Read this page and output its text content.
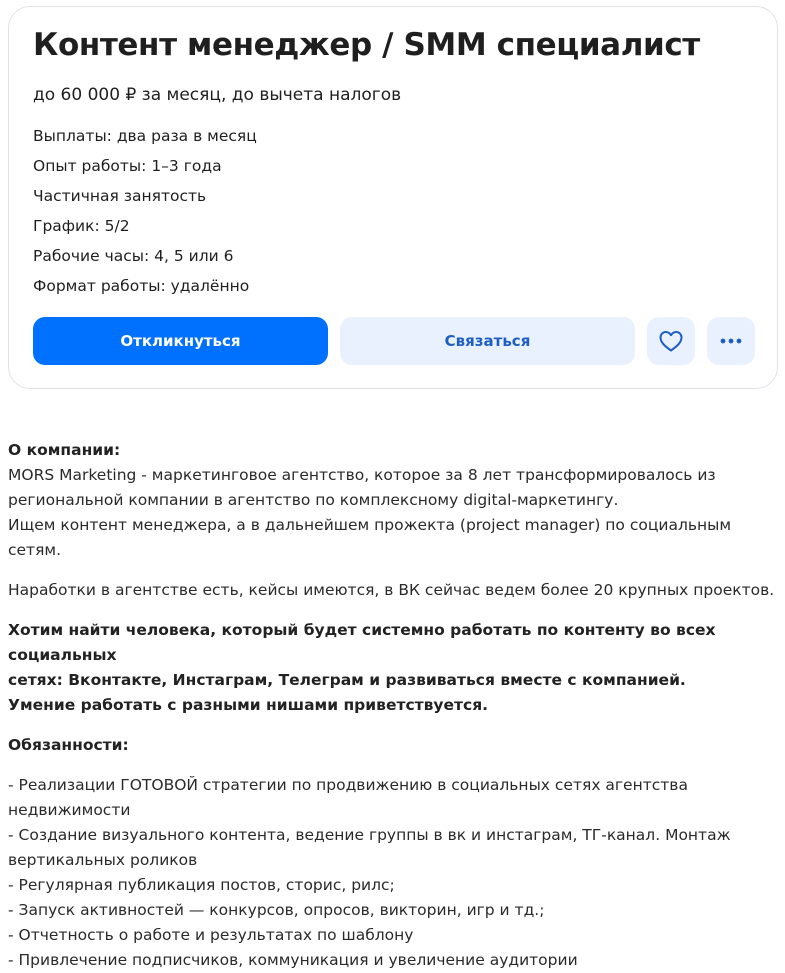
Контент менеджер / SMM специалист
до 60 000 ₽ за месяц, до вычета налогов
Выплаты: два раза в месяц
Опыт работы: 1–3 года
Частичная занятость
График: 5/2
Рабочие часы: 4, 5 или 6
Формат работы: удалённо
Откликнуться	Связаться

О компании:

MORS Marketing - маркетинговое агентство, которое за 8 лет трансформировалось из

региональной компании в агентство по комплексному digital-маркетингу.

Ищем контент менеджера, а в дальнейшем прожекта (project manager) по социальным

сетям.

Наработки в агентстве есть, кейсы имеются, в ВК сейчас ведем более 20 крупных проектов.

Хотим найти человека, который будет системно работать по контенту во всех социальных

сетях: Вконтакте, Инстаграм, Телеграм и развиваться вместе с компанией.

Умение работать с разными нишами приветствуется.

Обязанности:

- Реализации ГОТОВОЙ стратегии по продвижению в социальных сетях агентства

недвижимости

- Создание визуального контента, ведение группы в вк и инстаграм, ТГ-канал. Монтаж

вертикальных роликов

- Регулярная публикация постов, сторис, рилс;

- Запуск активностей — конкурсов, опросов, викторин, игр и тд.;

- Отчетность о работе и результатах по шаблону

- Привлечение подписчиков, коммуникация и увеличение аудитории
